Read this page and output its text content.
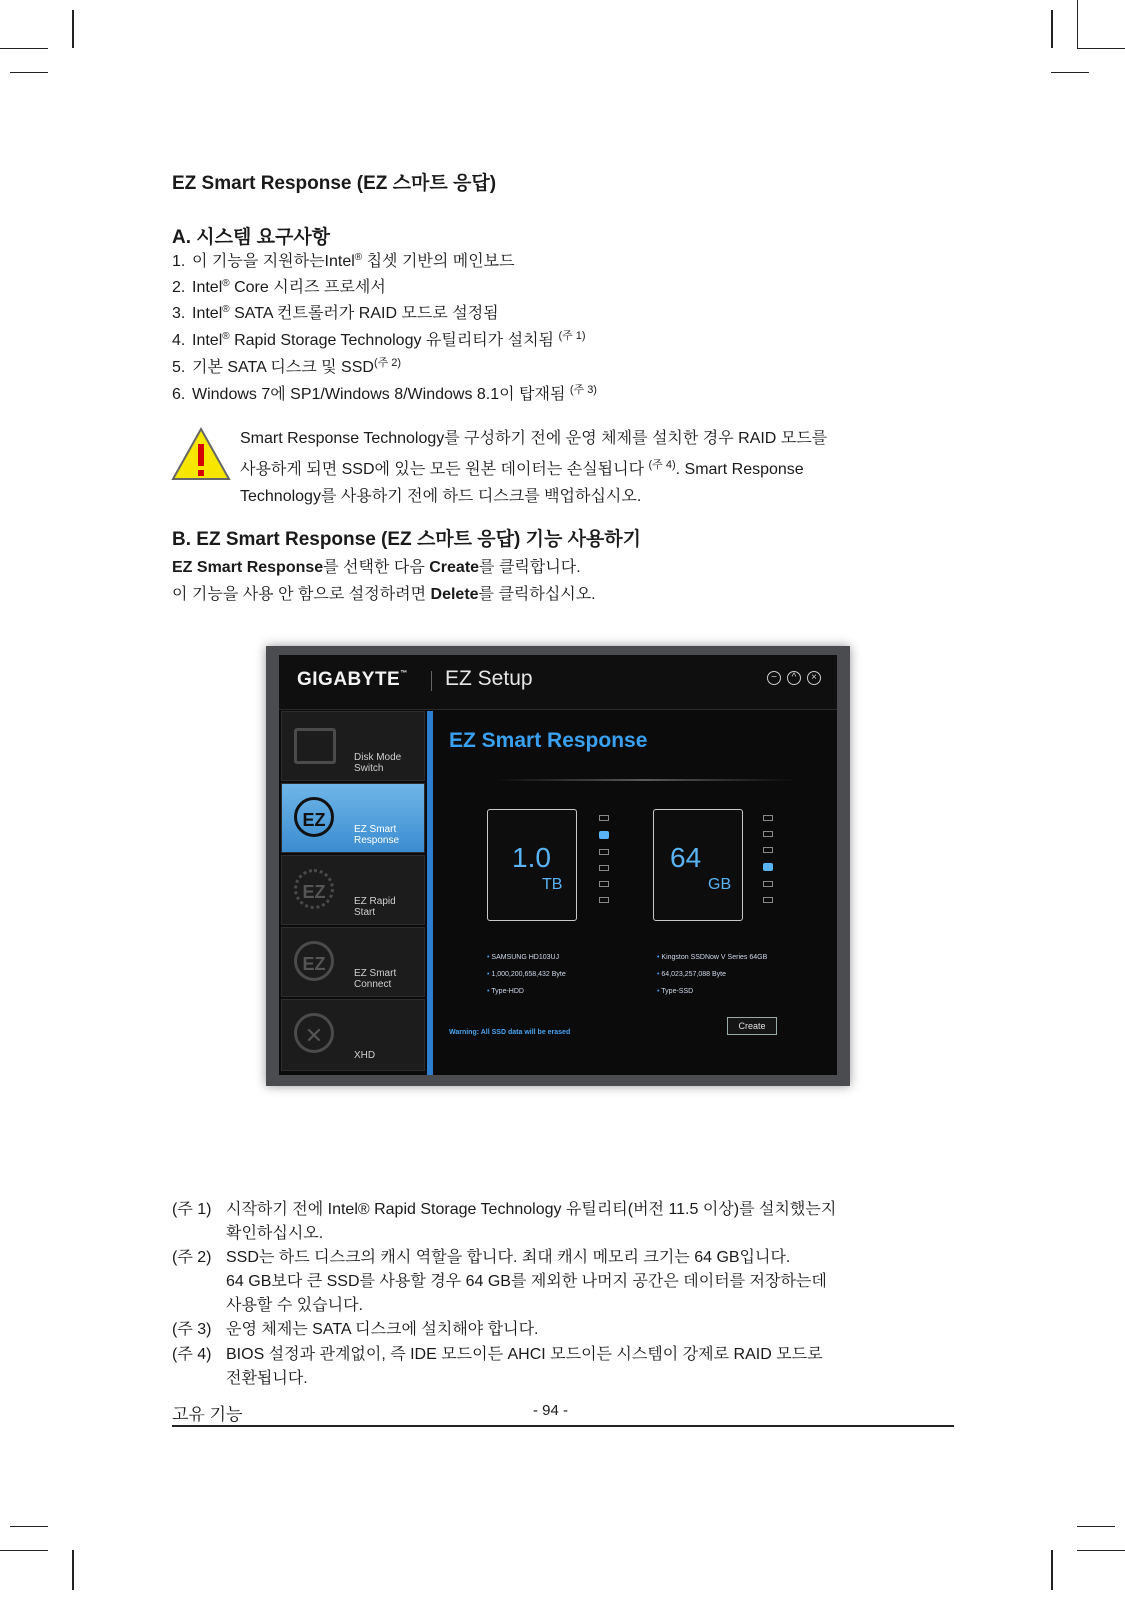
EZ Smart Response (EZ 스마트 응답)
A. 시스템 요구사항
1. 이 기능을 지원하는Intel® 칩셋 기반의 메인보드
2. Intel® Core 시리즈 프로세서
3. Intel® SATA 컨트롤러가 RAID 모드로 설정됨
4. Intel® Rapid Storage Technology 유틸리티가 설치됨 $^{(주 1)}$
5. 기본 SATA 디스크 및 SSD$^{(주 2)}$
6. Windows 7에 SP1/Windows 8/Windows 8.1이 탑재됨 $^{(주 3)}$
Smart Response Technology를 구성하기 전에 운영 체제를 설치한 경우 RAID 모드를
사용하게 되면 SSD에 있는 모든 원본 데이터는 손실됩니다 $^{(주 4)}$. Smart Response
Technology를 사용하기 전에 하드 디스크를 백업하십시오.
B. EZ Smart Response (EZ 스마트 응답) 기능 사용하기
EZ Smart Response를 선택한 다음 Create를 클릭합니다.
이 기능을 사용 안 함으로 설정하려면 Delete를 클릭하십시오.
GIGABYTE™ EZ Setup	−	^	×
Disk Mode
Switch
EZ	EZ Smart
Response
EZ	EZ Rapid
Start
EZ	EZ Smart
Connect
✕
XHD
EZ Smart Response
1.0
TB
64
GB
• SAMSUNG HD103UJ
• 1,000,200,658,432 Byte
• Type-HDD
• Kingston SSDNow V Series 64GB
• 64,023,257,088 Byte
• Type-SSD
Warning: All SSD data will be erased
Create
(주 1) 시작하기 전에 Intel® Rapid Storage Technology 유틸리티(버전 11.5 이상)를 설치했는지
확인하십시오.
(주 2) SSD는 하드 디스크의 캐시 역할을 합니다. 최대 캐시 메모리 크기는 64 GB입니다.
64 GB보다 큰 SSD를 사용할 경우 64 GB를 제외한 나머지 공간은 데이터를 저장하는데
사용할 수 있습니다.
(주 3) 운영 체제는 SATA 디스크에 설치해야 합니다.
(주 4) BIOS 설정과 관계없이, 즉 IDE 모드이든 AHCI 모드이든 시스템이 강제로 RAID 모드로
전환됩니다.
고유 기능	- 94 -
